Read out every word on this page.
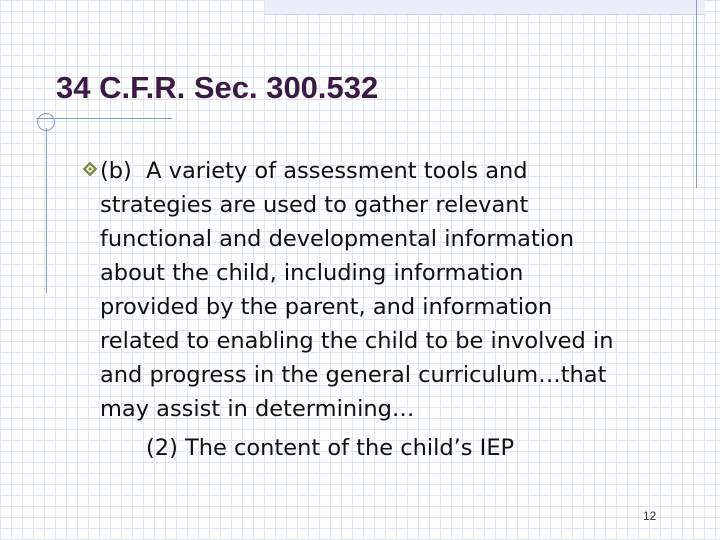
34 C.F.R. Sec. 300.532

(b)  A variety of assessment tools and
strategies are used to gather relevant
functional and developmental information
about the child, including information
provided by the parent, and information
related to enabling the child to be involved in
and progress in the general curriculum…that
may assist in determining…

(2) The content of the child’s IEP

12
